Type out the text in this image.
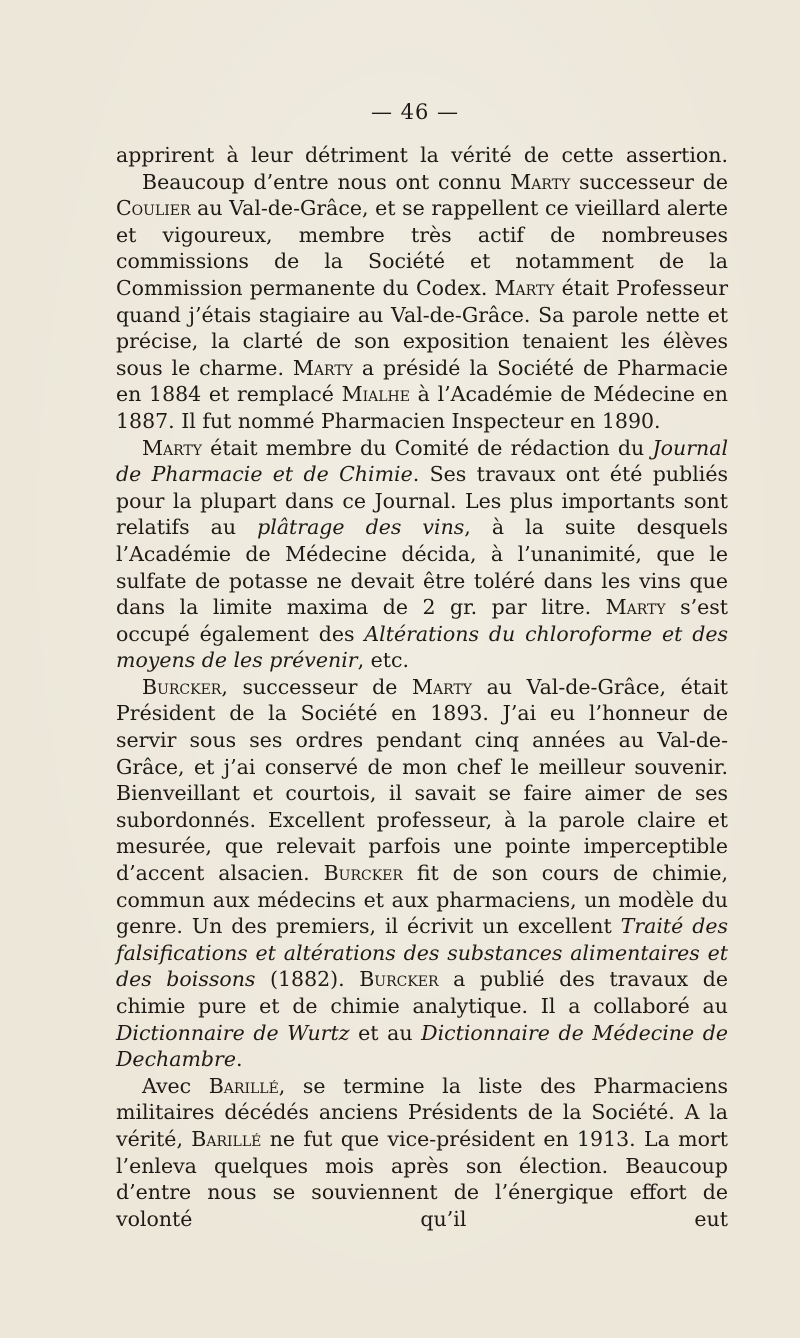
— 46 —

apprirent à leur détriment la vérité de cette assertion.

Beaucoup d’entre nous ont connu Marty successeur de Coulier au Val-de-Grâce, et se rappellent ce vieillard alerte et vigoureux, membre très actif de nombreuses commissions de la Société et notamment de la Commission permanente du Codex. Marty était Professeur quand j’étais stagiaire au Val-de-Grâce. Sa parole nette et précise, la clarté de son exposition tenaient les élèves sous le charme. Marty a présidé la Société de Pharmacie en 1884 et remplacé Mialhe à l’Académie de Médecine en 1887. Il fut nommé Pharmacien Inspecteur en 1890.

Marty était membre du Comité de rédaction du Journal de Pharmacie et de Chimie. Ses travaux ont été publiés pour la plupart dans ce Journal. Les plus importants sont relatifs au plâtrage des vins, à la suite desquels l’Académie de Médecine décida, à l’unanimité, que le sulfate de potasse ne devait être toléré dans les vins que dans la limite maxima de 2 gr. par litre. Marty s’est occupé également des Altérations du chloroforme et des moyens de les prévenir, etc.

Burcker, successeur de Marty au Val-de-Grâce, était Président de la Société en 1893. J’ai eu l’honneur de servir sous ses ordres pendant cinq années au Val-de-Grâce, et j’ai conservé de mon chef le meilleur souvenir. Bienveillant et courtois, il savait se faire aimer de ses subordonnés. Excellent professeur, à la parole claire et mesurée, que relevait parfois une pointe imperceptible d’accent alsacien. Burcker fit de son cours de chimie, commun aux médecins et aux pharmaciens, un modèle du genre. Un des premiers, il écrivit un excellent Traité des falsifications et altérations des substances alimentaires et des boissons (1882). Burcker a publié des travaux de chimie pure et de chimie analytique. Il a collaboré au Dictionnaire de Wurtz et au Dictionnaire de Médecine de Dechambre.

Avec Barillé, se termine la liste des Pharmaciens militaires décédés anciens Présidents de la Société. A la vérité, Barillé ne fut que vice-président en 1913. La mort l’enleva quelques mois après son élection. Beaucoup d’entre nous se souviennent de l’énergique effort de volonté qu’il eut
